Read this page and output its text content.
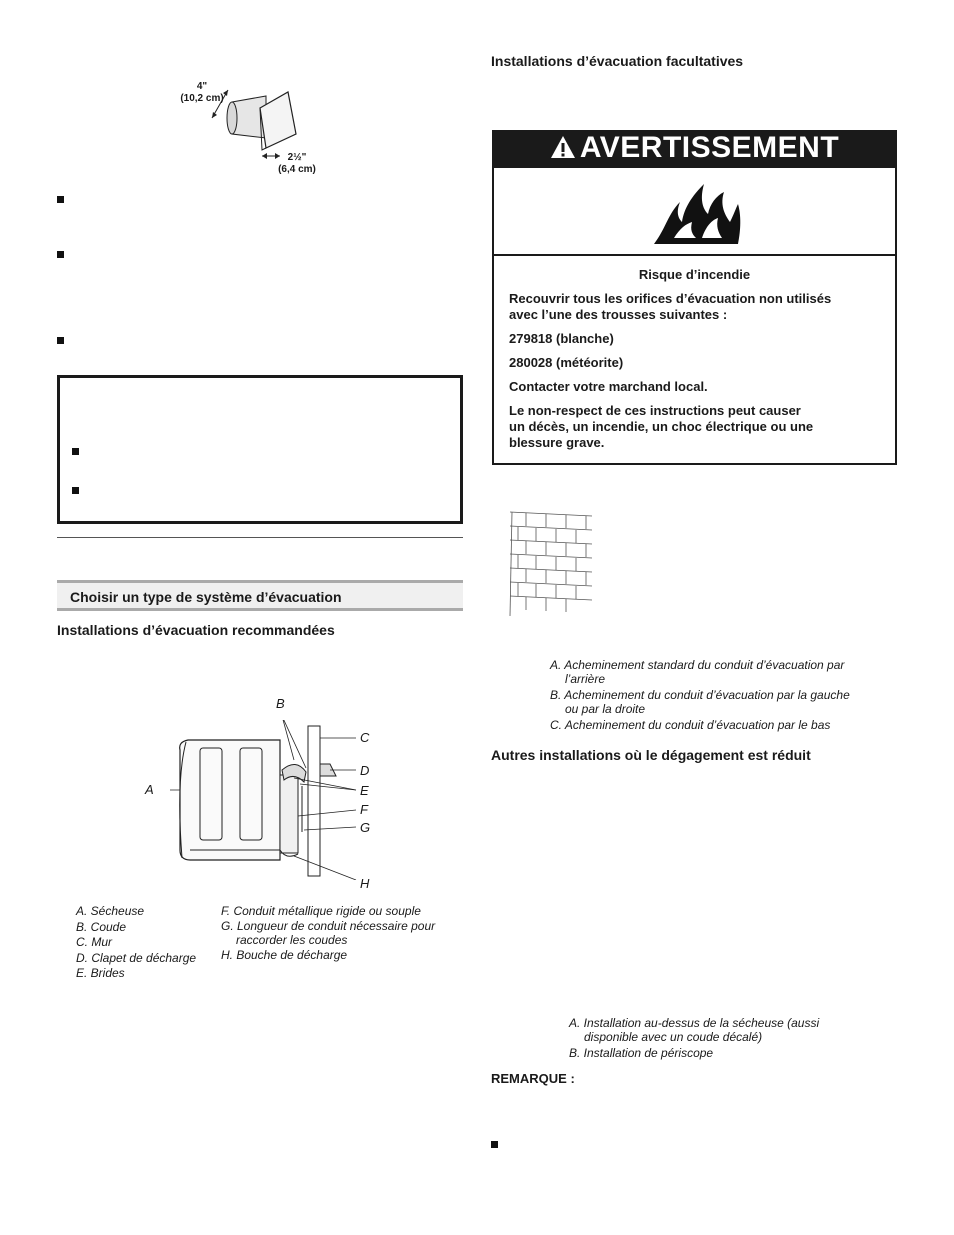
4"
(10,2 cm)
2½"
(6,4 cm)
Choisir un type de système d’évacuation
Installations d’évacuation recommandées
A
B
C
D
E
F
G
H
A. Sécheuse
B. Coude
C. Mur
D. Clapet de décharge
E. Brides
F. Conduit métallique rigide ou souple
G. Longueur de conduit nécessaire pour
raccorder les coudes
H. Bouche de décharge
Installations d’évacuation facultatives
AVERTISSEMENT
Risque d’incendie
Recouvrir tous les orifices d’évacuation non utilisés
avec l’une des trousses suivantes :
279818 (blanche)
280028 (météorite)
Contacter votre marchand local.
Le non-respect de ces instructions peut causer
un décès, un incendie, un choc électrique ou une
blessure grave.
A. Acheminement standard du conduit d’évacuation par
l’arrière
B. Acheminement du conduit d’évacuation par la gauche
ou par la droite
C. Acheminement du conduit d’évacuation par le bas
Autres installations où le dégagement est réduit
A. Installation au-dessus de la sécheuse (aussi
disponible avec un coude décalé)
B. Installation de périscope
REMARQUE :
